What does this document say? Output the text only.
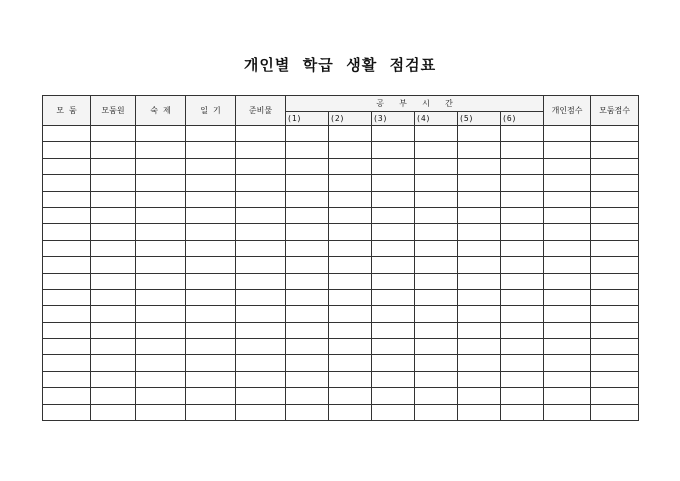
개인별  학급  생활  점검표
모  둠	모둠원	숙  제	일  기	준비물	공      부      시      간						개인점수	모둠점수
					(1)	(2)	(3)	(4)	(5)	(6)		
